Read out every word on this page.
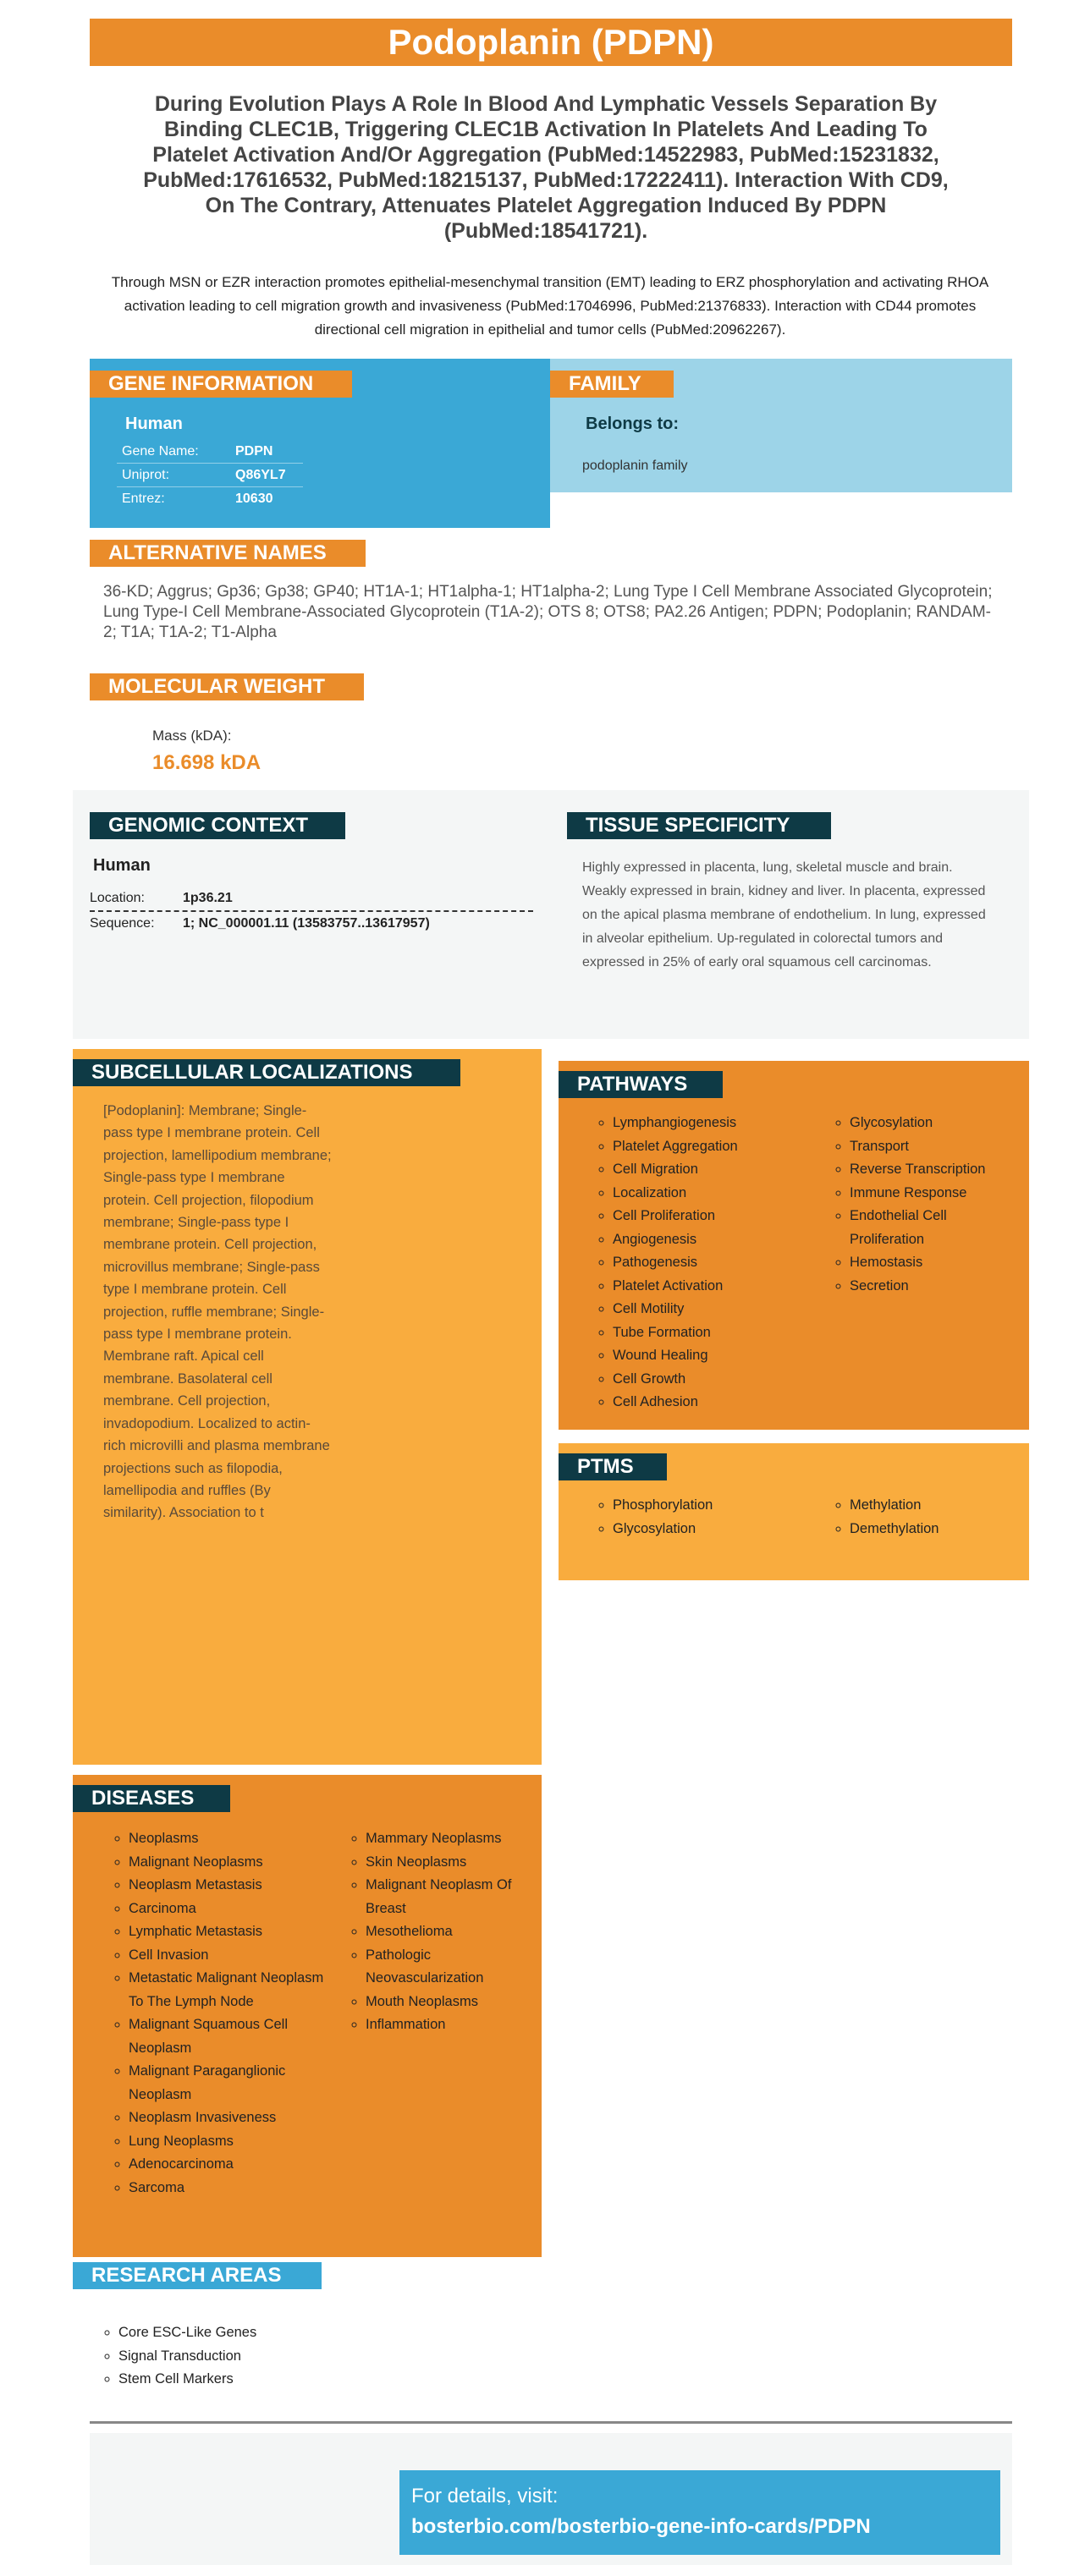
Podoplanin (PDPN)
During Evolution Plays A Role In Blood And Lymphatic Vessels Separation By Binding CLEC1B, Triggering CLEC1B Activation In Platelets And Leading To Platelet Activation And/Or Aggregation (PubMed:14522983, PubMed:15231832, PubMed:17616532, PubMed:18215137, PubMed:17222411). Interaction With CD9, On The Contrary, Attenuates Platelet Aggregation Induced By PDPN (PubMed:18541721).
Through MSN or EZR interaction promotes epithelial-mesenchymal transition (EMT) leading to ERZ phosphorylation and activating RHOA activation leading to cell migration growth and invasiveness (PubMed:17046996, PubMed:21376833). Interaction with CD44 promotes directional cell migration in epithelial and tumor cells (PubMed:20962267).
GENE INFORMATION
Human
Gene Name:	PDPN
Uniprot:	Q86YL7
Entrez:	10630
FAMILY
Belongs to:
podoplanin family
ALTERNATIVE NAMES
36-KD; Aggrus; Gp36; Gp38; GP40; HT1A-1; HT1alpha-1; HT1alpha-2; Lung Type I Cell Membrane Associated Glycoprotein; Lung Type-I Cell Membrane-Associated Glycoprotein (T1A-2); OTS 8; OTS8; PA2.26 Antigen; PDPN; Podoplanin; RANDAM-2; T1A; T1A-2; T1-Alpha
MOLECULAR WEIGHT
Mass (kDA):
16.698 kDA
GENOMIC CONTEXT
Human
Location:	1p36.21
Sequence:	1; NC_000001.11 (13583757..13617957)
TISSUE SPECIFICITY
Highly expressed in placenta, lung, skeletal muscle and brain. Weakly expressed in brain, kidney and liver. In placenta, expressed on the apical plasma membrane of endothelium. In lung, expressed in alveolar epithelium. Up-regulated in colorectal tumors and expressed in 25% of early oral squamous cell carcinomas.
SUBCELLULAR LOCALIZATIONS
[Podoplanin]: Membrane; Single-pass type I membrane protein. Cell projection, lamellipodium membrane; Single-pass type I membrane protein. Cell projection, filopodium membrane; Single-pass type I membrane protein. Cell projection, microvillus membrane; Single-pass type I membrane protein. Cell projection, ruffle membrane; Single-pass type I membrane protein. Membrane raft. Apical cell membrane. Basolateral cell membrane. Cell projection, invadopodium. Localized to actin-rich microvilli and plasma membrane projections such as filopodia, lamellipodia and ruffles (By similarity). Association to t
PATHWAYS
◦ Lymphangiogenesis
◦ Platelet Aggregation
◦ Cell Migration
◦ Localization
◦ Cell Proliferation
◦ Angiogenesis
◦ Pathogenesis
◦ Platelet Activation
◦ Cell Motility
◦ Tube Formation
◦ Wound Healing
◦ Cell Growth
◦ Cell Adhesion
◦ Glycosylation
◦ Transport
◦ Reverse Transcription
◦ Immune Response
◦ Endothelial Cell Proliferation
◦ Hemostasis
◦ Secretion
PTMS
◦ Phosphorylation
◦ Glycosylation
◦ Methylation
◦ Demethylation
DISEASES
◦ Neoplasms
◦ Malignant Neoplasms
◦ Neoplasm Metastasis
◦ Carcinoma
◦ Lymphatic Metastasis
◦ Cell Invasion
◦ Metastatic Malignant Neoplasm To The Lymph Node
◦ Malignant Squamous Cell Neoplasm
◦ Malignant Paraganglionic Neoplasm
◦ Neoplasm Invasiveness
◦ Lung Neoplasms
◦ Adenocarcinoma
◦ Sarcoma
◦ Mammary Neoplasms
◦ Skin Neoplasms
◦ Malignant Neoplasm Of Breast
◦ Mesothelioma
◦ Pathologic Neovascularization
◦ Mouth Neoplasms
◦ Inflammation
RESEARCH AREAS
◦ Core ESC-Like Genes
◦ Signal Transduction
◦ Stem Cell Markers
For details, visit:
bosterbio.com/bosterbio-gene-info-cards/PDPN
